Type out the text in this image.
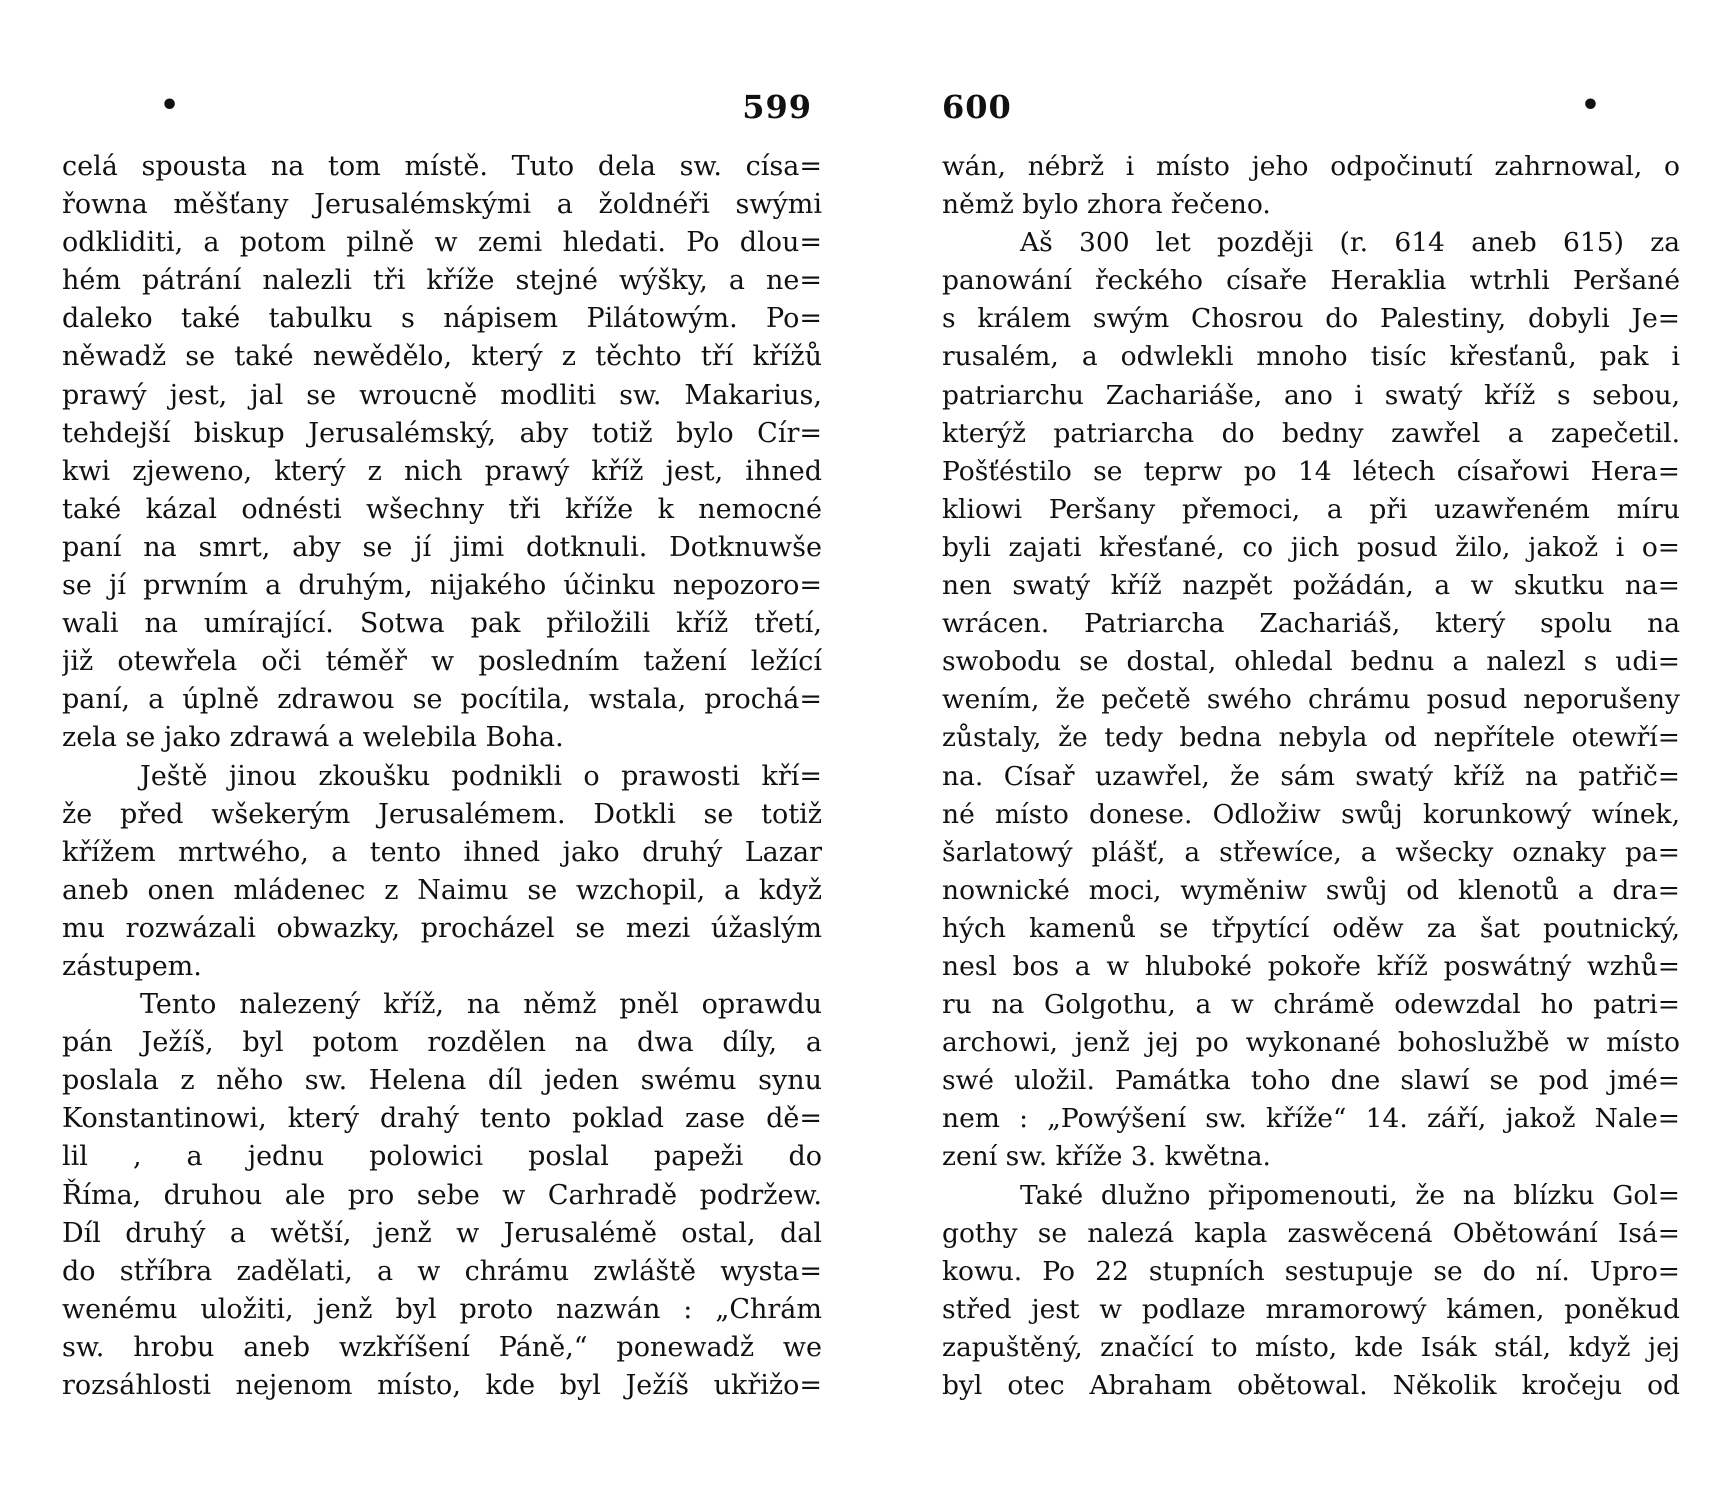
•	599
celá spousta na tom místě. Tuto dela sw. císa=
řowna měšťany Jerusalémskými a žoldnéři swými
odkliditi, a potom pilně w zemi hledati. Po dlou=
hém pátrání nalezli tři kříže stejné wýšky, a ne=
daleko také tabulku s nápisem Pilátowým. Po=
něwadž se také newědělo, který z těchto tří křížů
prawý jest, jal se wroucně modliti sw. Makarius,
tehdejší biskup Jerusalémský, aby totiž bylo Cír=
kwi zjeweno, který z nich prawý kříž jest, ihned
také kázal odnésti wšechny tři kříže k nemocné
paní na smrt, aby se jí jimi dotknuli. Dotknuwše
se jí prwním a druhým, nijakého účinku nepozoro=
wali na umírající. Sotwa pak přiložili kříž třetí,
již otewřela oči téměř w posledním tažení ležící
paní, a úplně zdrawou se pocítila, wstala, prochá=
zela se jako zdrawá a welebila Boha.
Ještě jinou zkoušku podnikli o prawosti kří=
že před wšekerým Jerusalémem. Dotkli se totiž
křížem mrtwého, a tento ihned jako druhý Lazar
aneb onen mládenec z Naimu se wzchopil, a když
mu rozwázali obwazky, procházel se mezi úžaslým
zástupem.
Tento nalezený kříž, na němž pněl oprawdu
pán Ježíš, byl potom rozdělen na dwa díly, a
poslala z něho sw. Helena díl jeden swému synu
Konstantinowi, který drahý tento poklad zase dě=
lil , a jednu polowici poslal papeži do
Říma, druhou ale pro sebe w Carhradě podržew.
Díl druhý a wětší, jenž w Jerusalémě ostal, dal
do stříbra zadělati, a w chrámu zwláště wysta=
wenému uložiti, jenž byl proto nazwán : „Chrám
sw. hrobu aneb wzkříšení Páně,“ ponewadž we
rozsáhlosti nejenom místo, kde byl Ježíš ukřižo=
600	•
wán, nébrž i místo jeho odpočinutí zahrnowal, o
němž bylo zhora řečeno.
Aš 300 let později (r. 614 aneb 615) za
panowání řeckého císaře Heraklia wtrhli Peršané
s králem swým Chosrou do Palestiny, dobyli Je=
rusalém, a odwlekli mnoho tisíc křesťanů, pak i
patriarchu Zachariáše, ano i swatý kříž s sebou,
kterýž patriarcha do bedny zawřel a zapečetil.
Pošťéstilo se teprw po 14 létech císařowi Hera=
kliowi Peršany přemoci, a při uzawřeném míru
byli zajati křesťané, co jich posud žilo, jakož i o=
nen swatý kříž nazpět požádán, a w skutku na=
wrácen. Patriarcha Zachariáš, který spolu na
swobodu se dostal, ohledal bednu a nalezl s udi=
wením, že pečetě swého chrámu posud neporušeny
zůstaly, že tedy bedna nebyla od nepřítele otewří=
na. Císař uzawřel, že sám swatý kříž na patřič=
né místo donese. Odložiw swůj korunkowý wínek,
šarlatowý plášť, a střewíce, a wšecky oznaky pa=
nownické moci, wyměniw swůj od klenotů a dra=
hých kamenů se třpytící oděw za šat poutnický,
nesl bos a w hluboké pokoře kříž poswátný wzhů=
ru na Golgothu, a w chrámě odewzdal ho patri=
archowi, jenž jej po wykonané bohoslužbě w místo
swé uložil. Památka toho dne slawí se pod jmé=
nem : „Powýšení sw. kříže“ 14. září, jakož Nale=
zení sw. kříže 3. kwětna.
Také dlužno připomenouti, že na blízku Gol=
gothy se nalezá kapla zaswěcená Obětowání Isá=
kowu. Po 22 stupních sestupuje se do ní. Upro=
střed jest w podlaze mramorowý kámen, poněkud
zapuštěný, značící to místo, kde Isák stál, když jej
byl otec Abraham obětowal. Několik kročeju od
